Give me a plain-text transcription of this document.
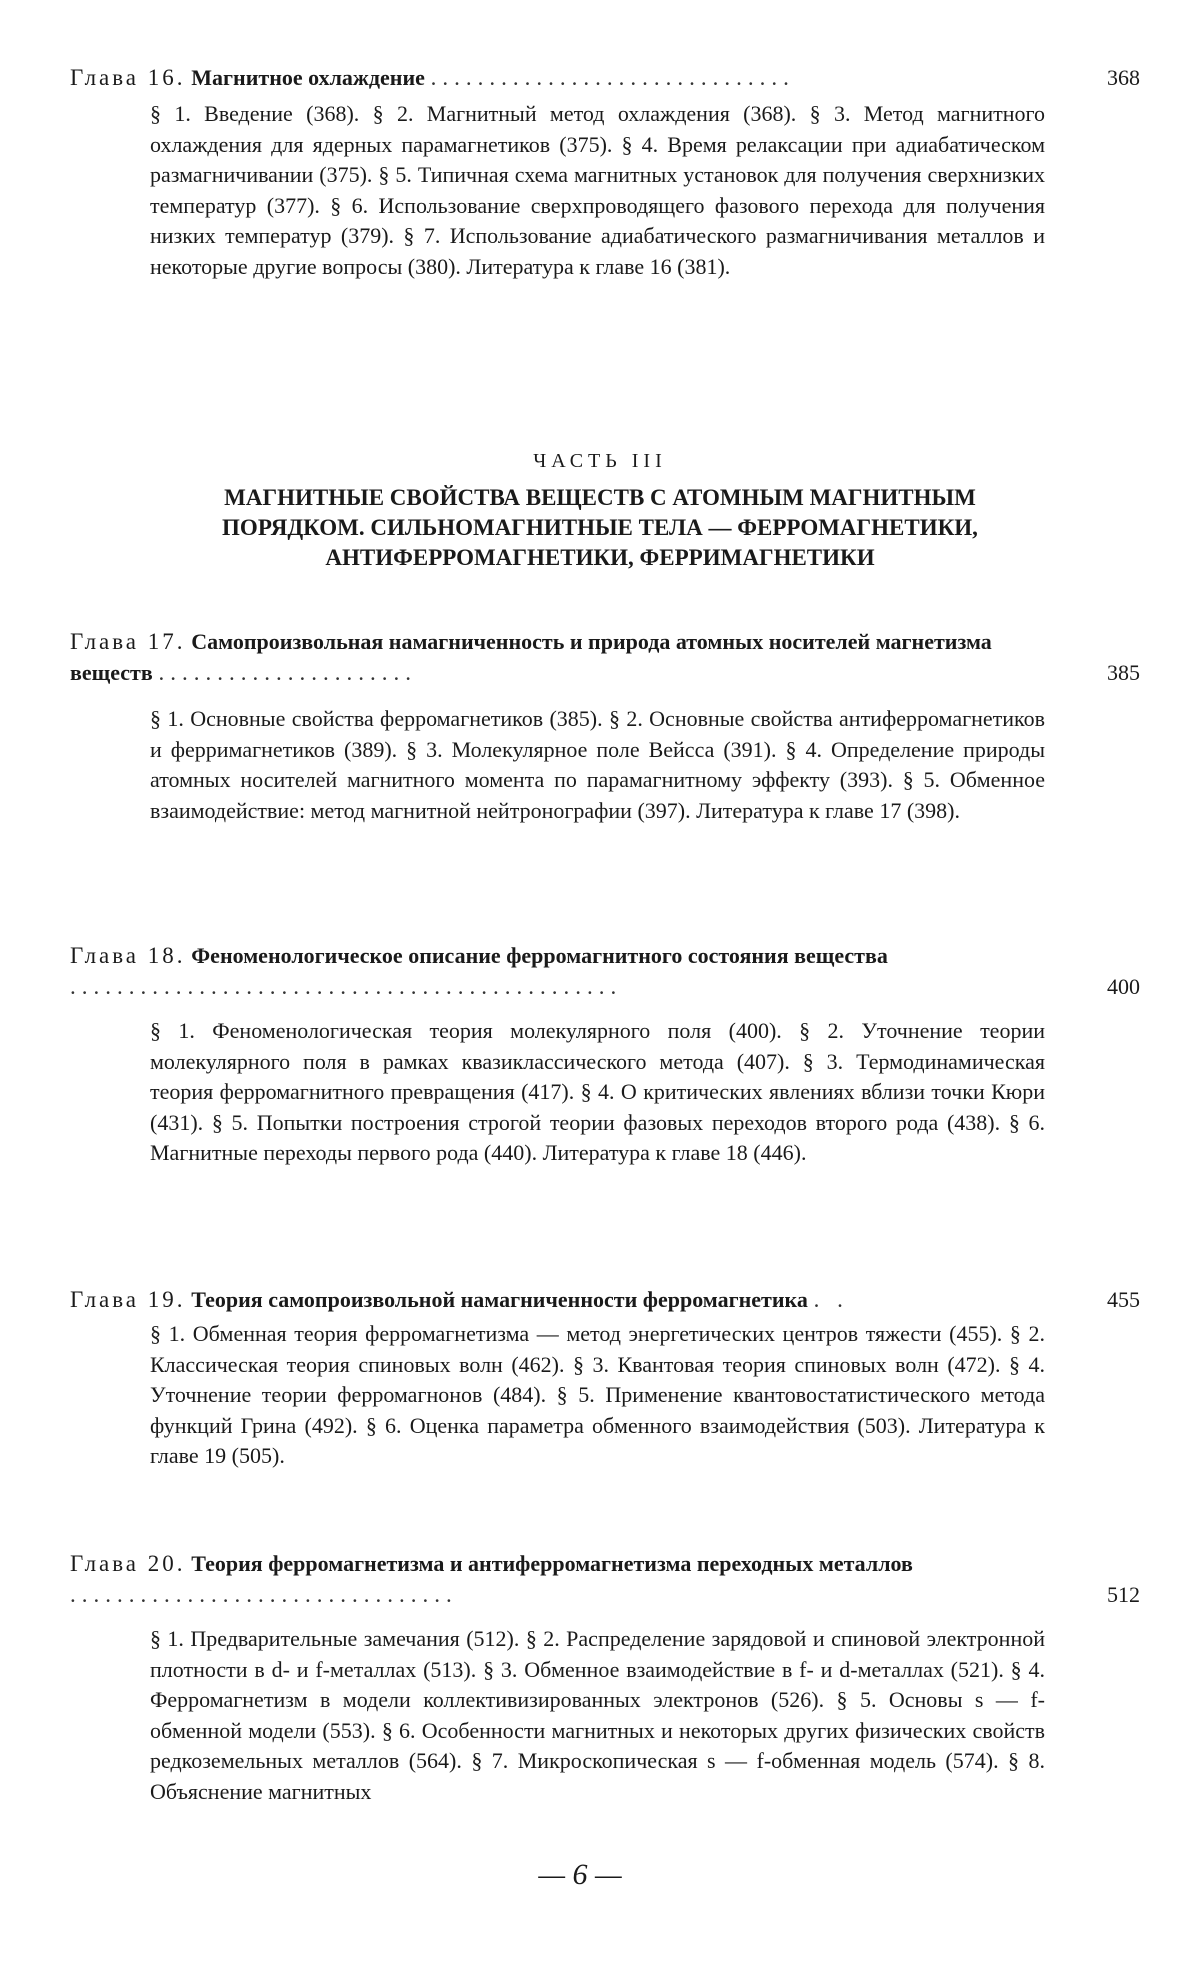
Глава 16. Магнитное охлаждение ...............................	368
§ 1. Введение (368). § 2. Магнитный метод охлаждения (368). § 3. Метод магнитного охлаждения для ядерных парамагнетиков (375). § 4. Время релаксации при адиабатическом размагничивании (375). § 5. Типичная схема магнитных установок для получения сверхнизких температур (377). § 6. Использование сверхпроводящего фазового перехода для получения низких температур (379). § 7. Использование адиабатического размагничивания металлов и некоторые другие вопросы (380). Литература к главе 16 (381).
ЧАСТЬ III
МАГНИТНЫЕ СВОЙСТВА ВЕЩЕСТВ С АТОМНЫМ МАГНИТНЫМ ПОРЯДКОМ. СИЛЬНОМАГНИТНЫЕ ТЕЛА — ФЕРРОМАГНЕТИКИ, АНТИФЕРРОМАГНЕТИКИ, ФЕРРИМАГНЕТИКИ
Глава 17. Самопроизвольная намагниченность и природа атомных носителей магнетизма веществ ......................	385
§ 1. Основные свойства ферромагнетиков (385). § 2. Основные свойства антиферромагнетиков и ферримагнетиков (389). § 3. Молекулярное поле Вейсса (391). § 4. Определение природы атомных носителей магнитного момента по парамагнитному эффекту (393). § 5. Обменное взаимодействие: метод магнитной нейтронографии (397). Литература к главе 17 (398).
Глава 18. Феноменологическое описание ферромагнитного состояния вещества ...............................................	400
§ 1. Феноменологическая теория молекулярного поля (400). § 2. Уточнение теории молекулярного поля в рамках квазиклассического метода (407). § 3. Термодинамическая теория ферромагнитного превращения (417). § 4. О критических явлениях вблизи точки Кюри (431). § 5. Попытки построения строгой теории фазовых переходов второго рода (438). § 6. Магнитные переходы первого рода (440). Литература к главе 18 (446).
Глава 19. Теория самопроизвольной намагниченности ферромагнетика . .	455
§ 1. Обменная теория ферромагнетизма — метод энергетических центров тяжести (455). § 2. Классическая теория спиновых волн (462). § 3. Квантовая теория спиновых волн (472). § 4. Уточнение теории ферромагнонов (484). § 5. Применение квантовостатистического метода функций Грина (492). § 6. Оценка параметра обменного взаимодействия (503). Литература к главе 19 (505).
Глава 20. Теория ферромагнетизма и антиферромагнетизма переходных металлов .................................	512
§ 1. Предварительные замечания (512). § 2. Распределение зарядовой и спиновой электронной плотности в d- и f-металлах (513). § 3. Обменное взаимодействие в f- и d-металлах (521). § 4. Ферромагнетизм в модели коллективизированных электронов (526). § 5. Основы s — f-обменной модели (553). § 6. Особенности магнитных и некоторых других физических свойств редкоземельных металлов (564). § 7. Микроскопическая s — f-обменная модель (574). § 8. Объяснение магнитных
— 6 —
